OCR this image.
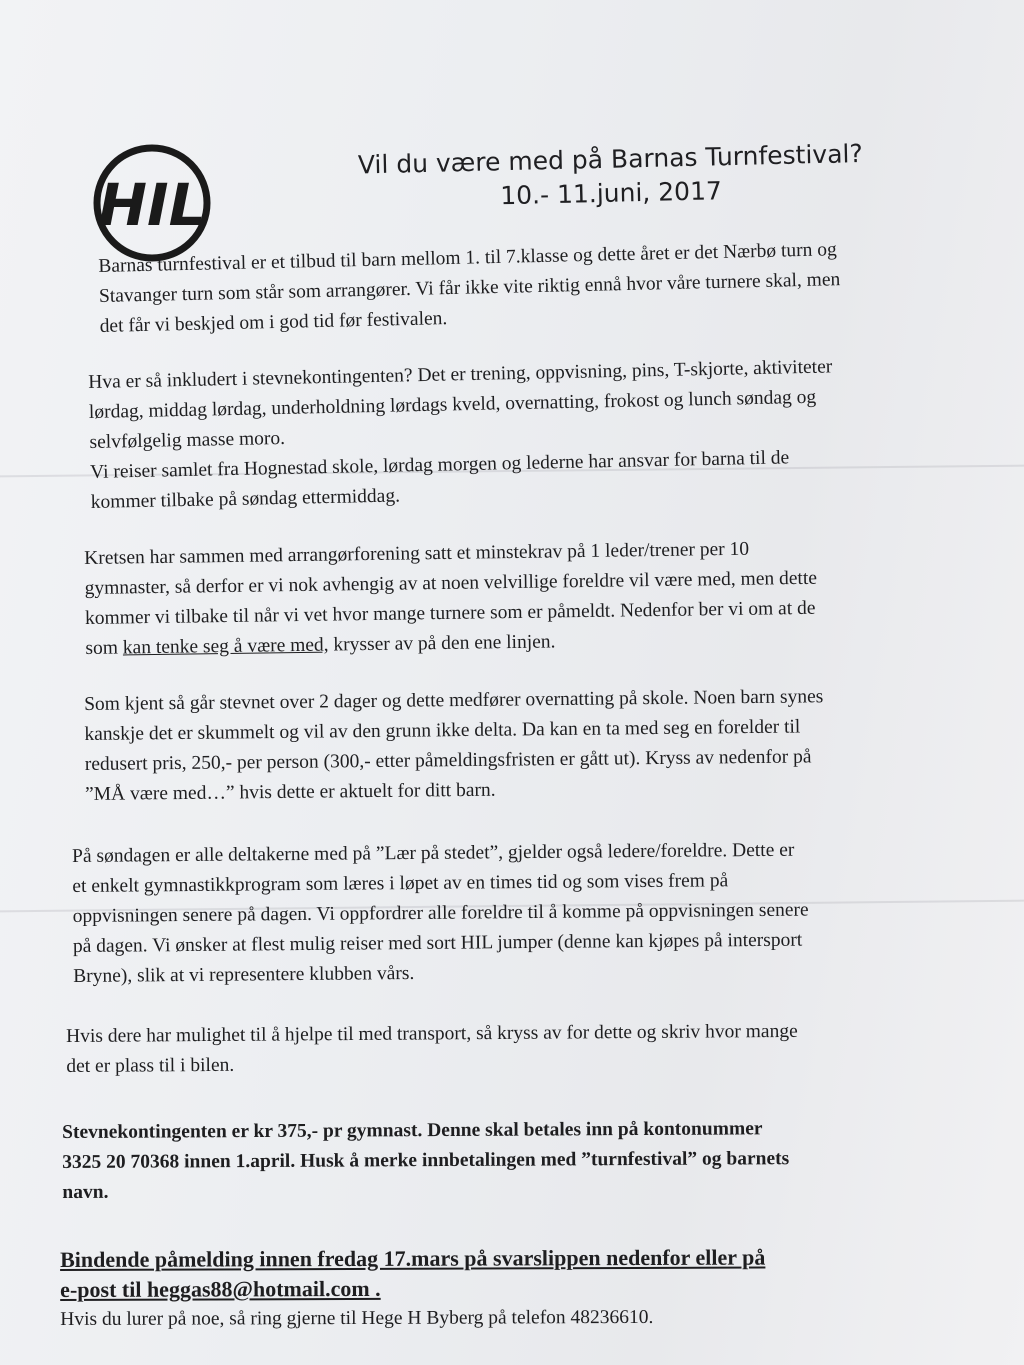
HIL
Vil du være med på Barnas Turnfestival?
10.- 11.juni, 2017

Barnas turnfestival er et tilbud til barn mellom 1. til 7.klasse og dette året er det Nærbø turn og

Stavanger turn som står som arrangører. Vi får ikke vite riktig ennå hvor våre turnere skal, men

det får vi beskjed om i god tid før festivalen.

Hva er så inkludert i stevnekontingenten? Det er trening, oppvisning, pins, T-skjorte, aktiviteter

lørdag, middag lørdag, underholdning lørdags kveld, overnatting, frokost og lunch søndag og

selvfølgelig masse moro.

Vi reiser samlet fra Hognestad skole, lørdag morgen og lederne har ansvar for barna til de

kommer tilbake på søndag ettermiddag.

Kretsen har sammen med arrangørforening satt et minstekrav på 1 leder/trener per 10

gymnaster, så derfor er vi nok avhengig av at noen velvillige foreldre vil være med, men dette

kommer vi tilbake til når vi vet hvor mange turnere som er påmeldt. Nedenfor ber vi om at de

som kan tenke seg å være med, krysser av på den ene linjen.

Som kjent så går stevnet over 2 dager og dette medfører overnatting på skole. Noen barn synes

kanskje det er skummelt og vil av den grunn ikke delta. Da kan en ta med seg en forelder til

redusert pris, 250,- per person (300,- etter påmeldingsfristen er gått ut). Kryss av nedenfor på

”MÅ være med…” hvis dette er aktuelt for ditt barn.

På søndagen er alle deltakerne med på ”Lær på stedet”, gjelder også ledere/foreldre. Dette er

et enkelt gymnastikkprogram som læres i løpet av en times tid og som vises frem på

oppvisningen senere på dagen. Vi oppfordrer alle foreldre til å komme på oppvisningen senere

på dagen. Vi ønsker at flest mulig reiser med sort HIL jumper (denne kan kjøpes på intersport

Bryne), slik at vi representere klubben vårs.

Hvis dere har mulighet til å hjelpe til med transport, så kryss av for dette og skriv hvor mange

det er plass til i bilen.

Stevnekontingenten er kr 375,- pr gymnast. Denne skal betales inn på kontonummer

3325 20 70368 innen 1.april. Husk å merke innbetalingen med ”turnfestival” og barnets

navn.

Bindende påmelding innen fredag 17.mars på svarslippen nedenfor eller på

e-post til heggas88@hotmail.com .

Hvis du lurer på noe, så ring gjerne til Hege H Byberg på telefon 48236610.
